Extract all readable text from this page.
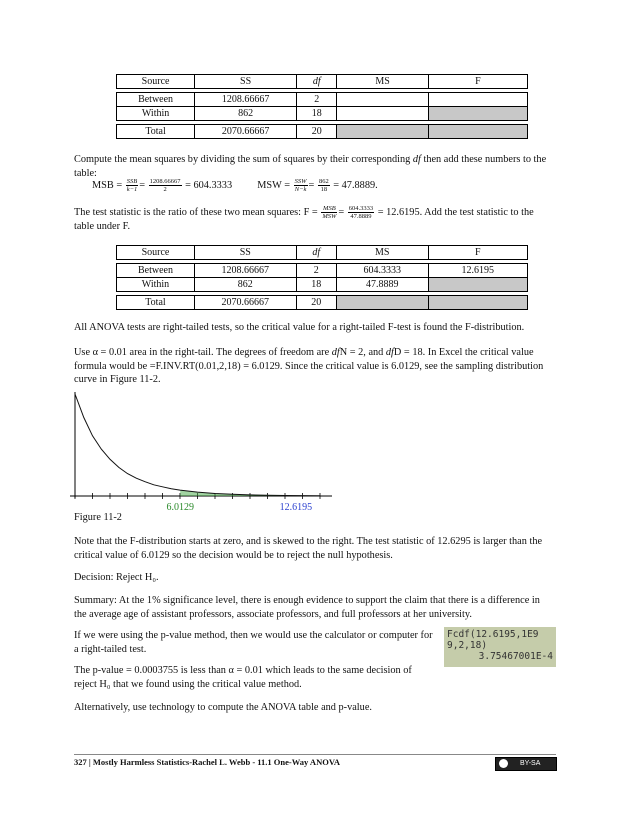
Source	SS	df	MS	F

Between	1208.66667	2		
Within	862	18		

Total	2070.66667	20		
Compute the mean squares by dividing the sum of squares by their corresponding df then add these numbers to the table:
MSB = $\frac{\text{SSB}}{k-1} = \frac{1208.66667}{2} = 604.3333$ MSW = $\frac{\text{SSW}}{N-k} = \frac{862}{18} = 47.8889$.
The test statistic is the ratio of these two mean squares: $F = \frac{\text{MSB}}{\text{MSW}} = \frac{604.3333}{47.8889} = 12.6195$. Add the test statistic to the
table under F.
Source	SS	df	MS	F

Between	1208.66667	2	604.3333	12.6195
Within	862	18	47.8889	

Total	2070.66667	20		
All ANOVA tests are right-tailed tests, so the critical value for a right-tailed F-test is found the F-distribution.
Use α = 0.01 area in the right-tail. The degrees of freedom are dfN = 2, and dfD = 18. In Excel the critical value formula would be =F.INV.RT(0.01,2,18) = 6.0129. Since the critical value is 6.0129, see the sampling distribution curve in Figure 11-2.
6.0129	12.6195
Figure 11-2
Note that the F-distribution starts at zero, and is skewed to the right. The test statistic of 12.6295 is larger than the critical value of 6.0129 so the decision would be to reject the null hypothesis.
Decision: Reject H₀.
Summary: At the 1% significance level, there is enough evidence to support the claim that there is a difference in the average age of assistant professors, associate professors, and full professors at her university.
If we were using the p-value method, then we would use the calculator or computer for a right-tailed test.
The p-value = 0.0003755 is less than α = 0.01 which leads to the same decision of reject H₀ that we found using the critical value method.
Fcdf(12.6195,1E9
9,2,18)
3.75467001E-4
Alternatively, use technology to compute the ANOVA table and p-value.
327 | Mostly Harmless Statistics-Rachel L. Webb - 11.1 One-Way ANOVA	BY-SA
